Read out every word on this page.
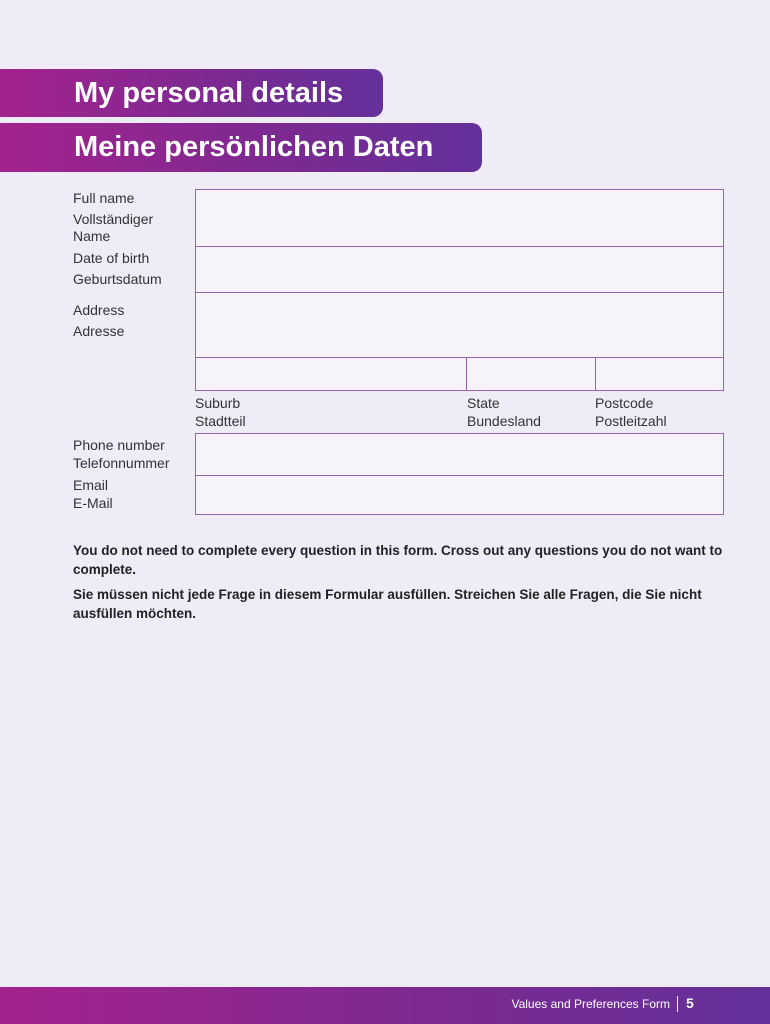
My personal details
Meine persönlichen Daten
Full name
Vollständiger
Name
Date of birth
Geburtsdatum
Address
Adresse
Suburb
Stadtteil
State
Bundesland
Postcode
Postleitzahl
Phone number
Telefonnummer
Email
E-Mail
You do not need to complete every question in this form. Cross out any questions you do not want to complete.
Sie müssen nicht jede Frage in diesem Formular ausfüllen. Streichen Sie alle Fragen, die Sie nicht ausfüllen möchten.
Values and Preferences Form 5
